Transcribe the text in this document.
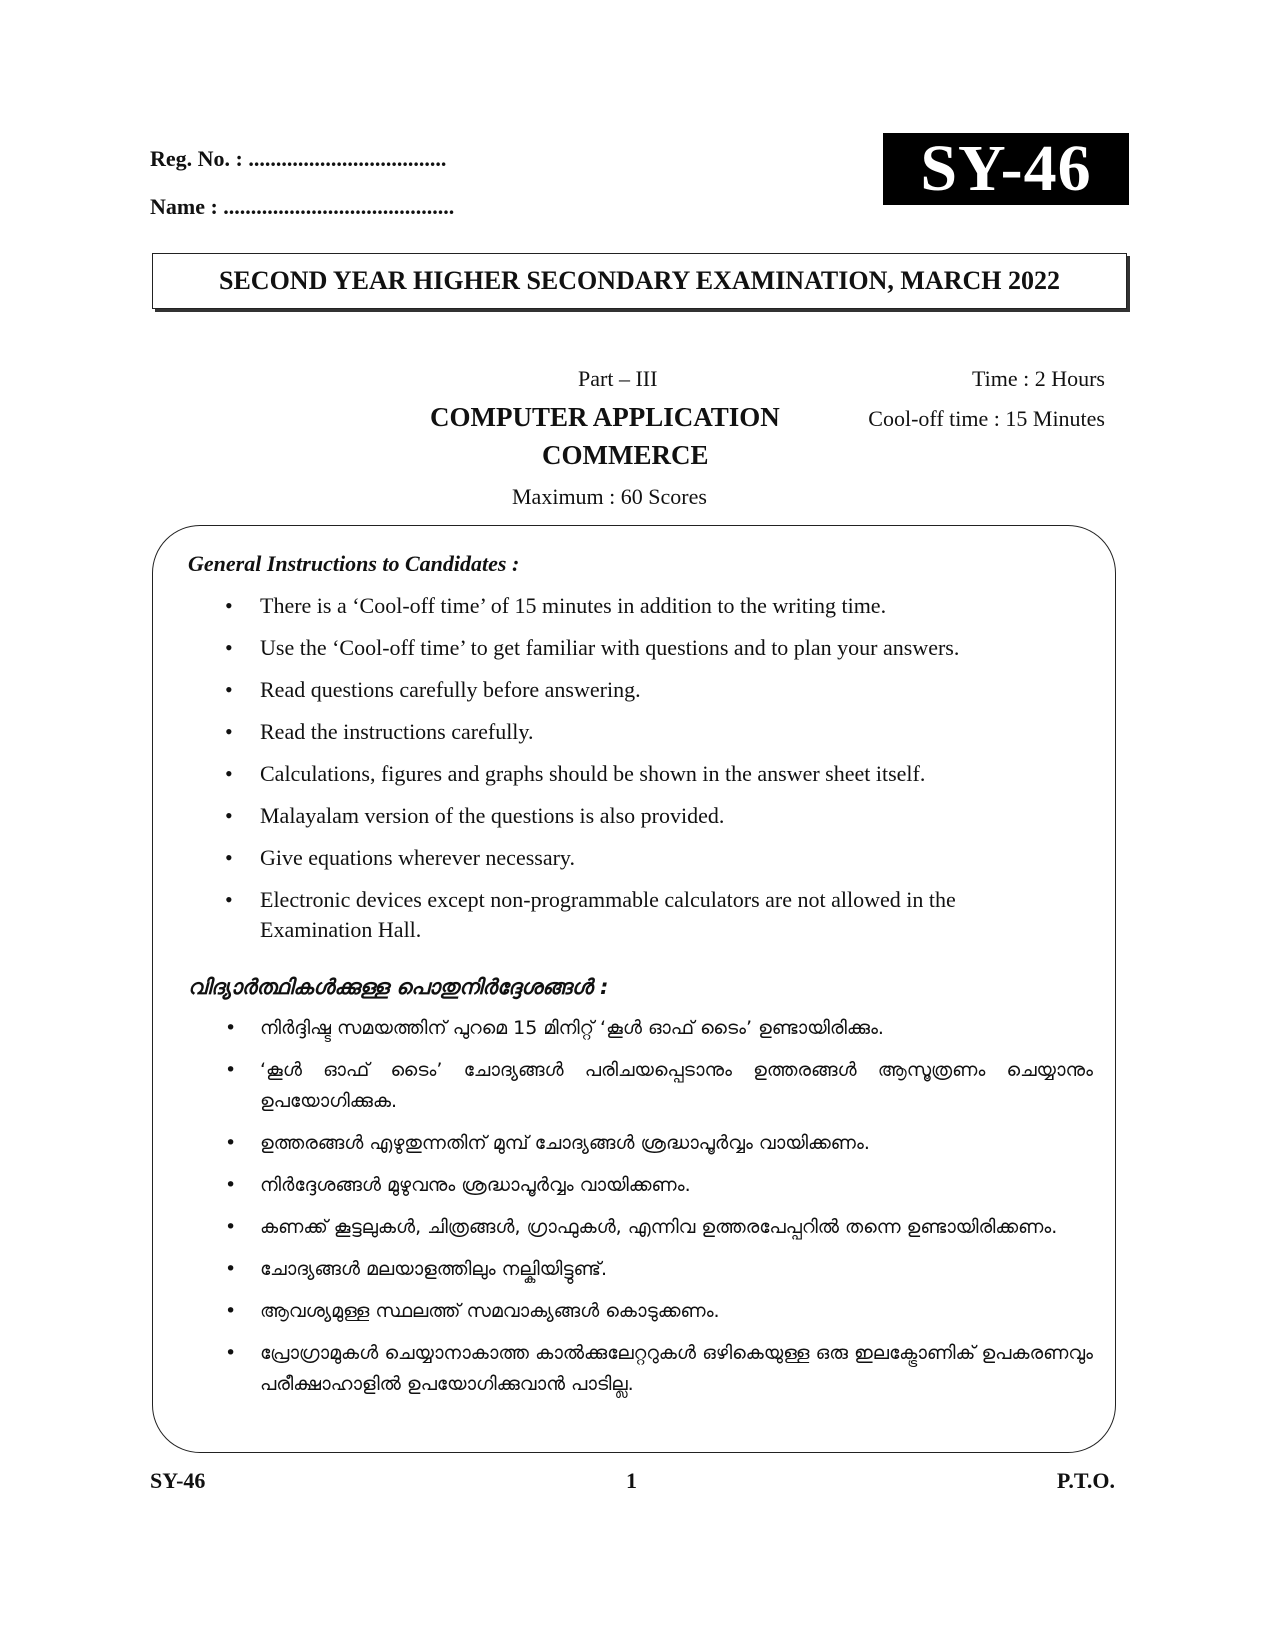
Reg. No. : ....................................
Name : ..........................................
SY-46
SECOND YEAR HIGHER SECONDARY EXAMINATION, MARCH 2022
Part – III	Time : 2 Hours
COMPUTER APPLICATION	Cool-off time : 15 Minutes
COMMERCE
Maximum : 60 Scores
General Instructions to Candidates :
• There is a ‘Cool-off time’ of 15 minutes in addition to the writing time.
• Use the ‘Cool-off time’ to get familiar with questions and to plan your answers.
• Read questions carefully before answering.
• Read the instructions carefully.
• Calculations, figures and graphs should be shown in the answer sheet itself.
• Malayalam version of the questions is also provided.
• Give equations wherever necessary.
• Electronic devices except non-programmable calculators are not allowed in the Examination Hall.
വിദ്യാർത്ഥികൾക്കുള്ള പൊതുനിർദ്ദേശങ്ങൾ :
• നിർദ്ദിഷ്ട സമയത്തിന് പുറമെ 15 മിനിറ്റ് ‘കൂൾ ഓഫ് ടൈം’ ഉണ്ടായിരിക്കും.
• ‘കൂൾ ഓഫ് ടൈം’ ചോദ്യങ്ങൾ പരിചയപ്പെടാനും ഉത്തരങ്ങൾ ആസൂത്രണം ചെയ്യാനും ഉപയോഗിക്കുക.
• ഉത്തരങ്ങൾ എഴുതുന്നതിന് മുമ്പ് ചോദ്യങ്ങൾ ശ്രദ്ധാപൂർവ്വം വായിക്കണം.
• നിർദ്ദേശങ്ങൾ മുഴുവനും ശ്രദ്ധാപൂർവ്വം വായിക്കണം.
• കണക്ക് കൂട്ടലുകൾ, ചിത്രങ്ങൾ, ഗ്രാഫുകൾ, എന്നിവ ഉത്തരപേപ്പറിൽ തന്നെ ഉണ്ടായിരിക്കണം.
• ചോദ്യങ്ങൾ മലയാളത്തിലും നല്കിയിട്ടുണ്ട്.
• ആവശ്യമുള്ള സ്ഥലത്ത് സമവാക്യങ്ങൾ കൊടുക്കണം.
• പ്രോഗ്രാമുകൾ ചെയ്യാനാകാത്ത കാൽക്കുലേറ്ററുകൾ ഒഴികെയുള്ള ഒരു ഇലക്ട്രോണിക് ഉപകരണവും പരീക്ഷാഹാളിൽ ഉപയോഗിക്കുവാൻ പാടില്ല.
SY-46	1	P.T.O.
